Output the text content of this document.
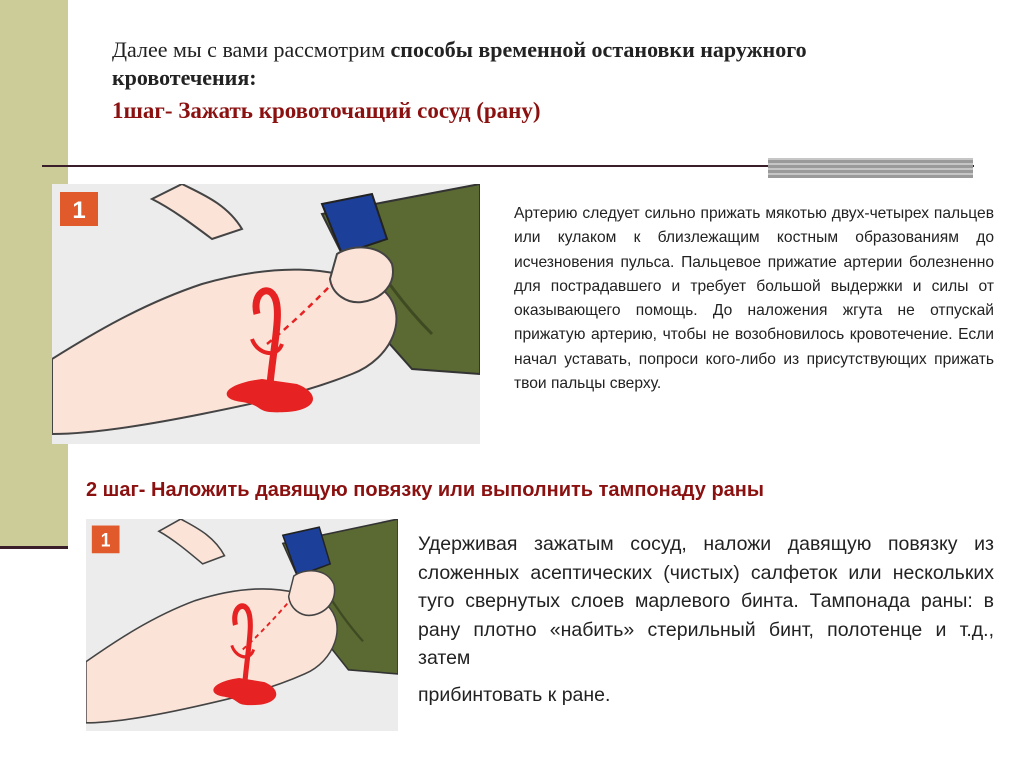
Далее мы с вами рассмотрим способы временной остановки наружного
кровотечения:
1шаг- Зажать кровоточащий сосуд (рану)
1	Артерию следует сильно прижать мякотью двух-четырех пальцев или кулаком к близлежащим костным образованиям до исчезновения пульса. Пальцевое прижатие артерии болезненно для пострадавшего и требует большой выдержки и силы от оказывающего помощь. До наложения жгута не отпускай прижатую артерию, чтобы не возобновилось кровотечение. Если начал уставать, попроси кого-либо из присутствующих прижать твои пальцы сверху.
2 шаг- Наложить давящую повязку или выполнить тампонаду раны
1	Удерживая зажатым сосуд, наложи давящую повязку из сложенных асептических (чистых) салфеток или нескольких туго свернутых слоев марлевого бинта. Тампонада раны: в рану плотно «набить» стерильный бинт, полотенце и т.д., затем
прибинтовать к ране.
